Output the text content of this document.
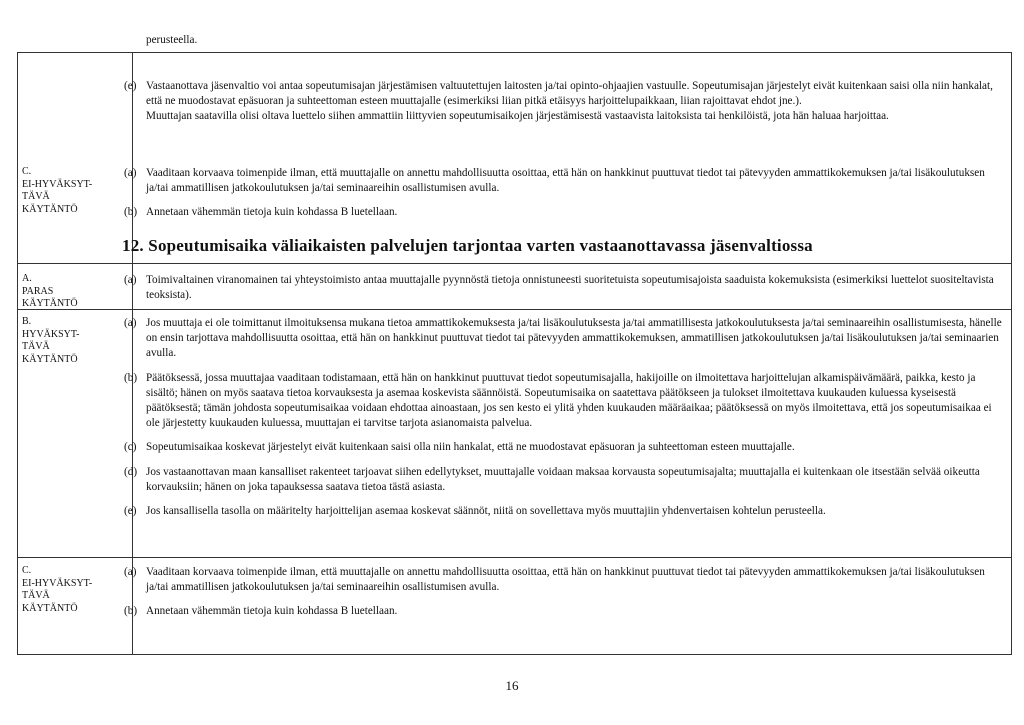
perusteella.
(e) Vastaanottava jäsenvaltio voi antaa sopeutumisajan järjestämisen valtuutettujen laitosten ja/tai opinto-ohjaajien vastuulle. Sopeutumisajan järjestelyt eivät kuitenkaan saisi olla niin hankalat, että ne muodostavat epäsuoran ja suhteettoman esteen muuttajalle (esimerkiksi liian pitkä etäisyys harjoittelupaikkaan, liian rajoittavat ehdot jne.).
Muuttajan saatavilla olisi oltava luettelo siihen ammattiin liittyvien sopeutumisaikojen järjestämisestä vastaavista laitoksista tai henkilöistä, jota hän haluaa harjoittaa.
C.
EI-HYVÄKSYT-
TÄVÄ
KÄYTÄNTÖ
(a) Vaaditaan korvaava toimenpide ilman, että muuttajalle on annettu mahdollisuutta osoittaa, että hän on hankkinut puuttuvat tiedot tai pätevyyden ammattikokemuksen ja/tai lisäkoulutuksen ja/tai ammatillisen jatkokoulutuksen ja/tai seminaareihin osallistumisen avulla.
(b) Annetaan vähemmän tietoja kuin kohdassa B luetellaan.
A.
PARAS
KÄYTÄNTÖ
(a) Toimivaltainen viranomainen tai yhteystoimisto antaa muuttajalle pyynnöstä tietoja onnistuneesti suoritetuista sopeutumisajoista saaduista kokemuksista (esimerkiksi luettelot suositeltavista teoksista).
B.
HYVÄKSYT-
TÄVÄ
KÄYTÄNTÖ
(a) Jos muuttaja ei ole toimittanut ilmoituksensa mukana tietoa ammattikokemuksesta ja/tai lisäkoulutuksesta ja/tai ammatillisesta jatkokoulutuksesta ja/tai seminaareihin osallistumisesta, hänelle on ensin tarjottava mahdollisuutta osoittaa, että hän on hankkinut puuttuvat tiedot tai pätevyyden ammattikokemuksen, ammatillisen jatkokoulutuksen ja/tai lisäkoulutuksen ja/tai seminaarien avulla.
(b) Päätöksessä, jossa muuttajaa vaaditaan todistamaan, että hän on hankkinut puuttuvat tiedot sopeutumisajalla, hakijoille on ilmoitettava harjoittelujan alkamispäivämäärä, paikka, kesto ja sisältö; hänen on myös saatava tietoa korvauksesta ja asemaa koskevista säännöistä. Sopeutumisaika on saatettava päätökseen ja tulokset ilmoitettava kuukauden kuluessa kyseisestä päätöksestä; tämän johdosta sopeutumisaikaa voidaan ehdottaa ainoastaan, jos sen kesto ei ylitä yhden kuukauden määräaikaa; päätöksessä on myös ilmoitettava, että jos sopeutumisaikaa ei ole järjestetty kuukauden kuluessa, muuttajan ei tarvitse tarjota asianomaista palvelua.
(c) Sopeutumisaikaa koskevat järjestelyt eivät kuitenkaan saisi olla niin hankalat, että ne muodostavat epäsuoran ja suhteettoman esteen muuttajalle.
(d) Jos vastaanottavan maan kansalliset rakenteet tarjoavat siihen edellytykset, muuttajalle voidaan maksaa korvausta sopeutumisajalta; muuttajalla ei kuitenkaan ole itsestään selvää oikeutta korvauksiin; hänen on joka tapauksessa saatava tietoa tästä asiasta.
(e) Jos kansallisella tasolla on määritelty harjoittelijan asemaa koskevat säännöt, niitä on sovellettava myös muuttajiin yhdenvertaisen kohtelun perusteella.
C.
EI-HYVÄKSYT-
TÄVÄ
KÄYTÄNTÖ
(a) Vaaditaan korvaava toimenpide ilman, että muuttajalle on annettu mahdollisuutta osoittaa, että hän on hankkinut puuttuvat tiedot tai pätevyyden ammattikokemuksen ja/tai lisäkoulutuksen ja/tai ammatillisen jatkokoulutuksen ja/tai seminaareihin osallistumisen avulla.
(b) Annetaan vähemmän tietoja kuin kohdassa B luetellaan.
12. Sopeutumisaika väliaikaisten palvelujen tarjontaa varten vastaanottavassa jäsenvaltiossa
16
